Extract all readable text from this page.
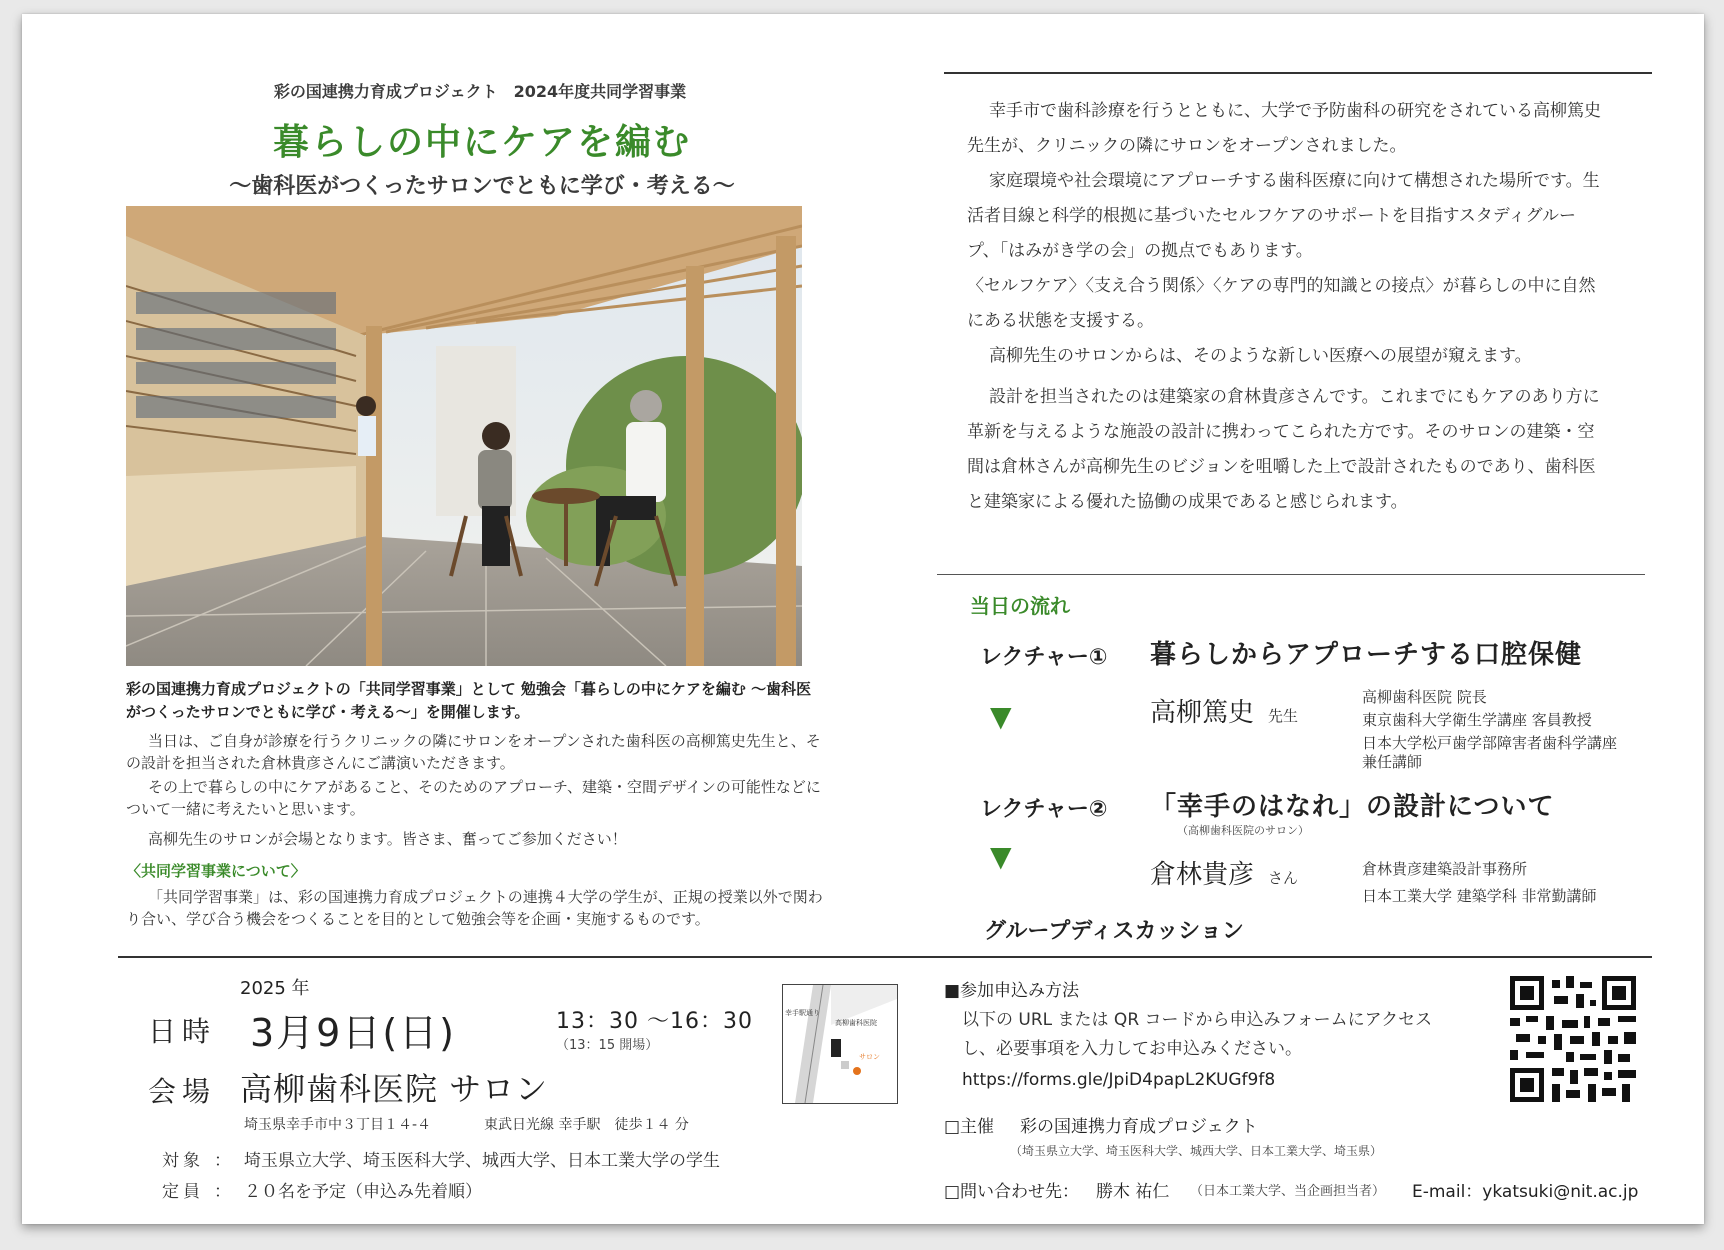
彩の国連携力育成プロジェクト　2024年度共同学習事業
暮らしの中にケアを編む
～歯科医がつくったサロンでともに学び・考える～
彩の国連携力育成プロジェクトの「共同学習事業」として 勉強会「暮らしの中にケアを編む ～歯科医がつくったサロンでともに学び・考える～」を開催します。
当日は、ご自身が診療を行うクリニックの隣にサロンをオープンされた歯科医の高柳篤史先生と、その設計を担当された倉林貴彦さんにご講演いただきます。
その上で暮らしの中にケアがあること、そのためのアプローチ、建築・空間デザインの可能性などについて一緒に考えたいと思います。
高柳先生のサロンが会場となります。皆さま、奮ってご参加ください！
〈共同学習事業について〉
「共同学習事業」は、彩の国連携力育成プロジェクトの連携４大学の学生が、正規の授業以外で関わり合い、学び合う機会をつくることを目的として勉強会等を企画・実施するものです。

幸手市で歯科診療を行うとともに、大学で予防歯科の研究をされている高柳篤史先生が、クリニックの隣にサロンをオープンされました。

家庭環境や社会環境にアプローチする歯科医療に向けて構想された場所です。生活者目線と科学的根拠に基づいたセルフケアのサポートを目指すスタディグループ、「はみがき学の会」の拠点でもあります。

〈セルフケア〉〈支え合う関係〉〈ケアの専門的知識との接点〉が暮らしの中に自然にある状態を支援する。

高柳先生のサロンからは、そのような新しい医療への展望が窺えます。

設計を担当されたのは建築家の倉林貴彦さんです。これまでにもケアのあり方に革新を与えるような施設の設計に携わってこられた方です。そのサロンの建築・空間は倉林さんが高柳先生のビジョンを咀嚼した上で設計されたものであり、歯科医と建築家による優れた協働の成果であると感じられます。

当日の流れ
レクチャー① 暮らしからアプローチする口腔保健
▼	高柳篤史 先生
高柳歯科医院 院長
東京歯科大学衛生学講座 客員教授
日本大学松戸歯学部障害者歯科学講座
兼任講師
レクチャー② 「幸手のはなれ」の設計について
（高柳歯科医院のサロン）
▼
倉林貴彦 さん	倉林貴彦建築設計事務所
日本工業大学 建築学科 非常勤講師
グループディスカッション
2025 年
日時 3月9日(日)	13：30 ～16：30
（13：15 開場）
会場 高柳歯科医院 サロン
埼玉県幸手市中３丁目１４-４	東武日光線 幸手駅　徒歩１４ 分
対象 ： 埼玉県立大学、埼玉医科大学、城西大学、日本工業大学の学生
定員 ： ２０名を予定（申込み先着順）
幸手駅通り
高柳歯科医院
サロン
■参加申込み方法
以下の URL または QR コードから申込みフォームにアクセスし、必要事項を入力してお申込みください。
https://forms.gle/JpiD4papL2KUGf9f8
□主催 彩の国連携力育成プロジェクト
（埼玉県立大学、埼玉医科大学、城西大学、日本工業大学、埼玉県）
□問い合わせ先： 勝木 祐仁 （日本工業大学、当企画担当者） E-mail：ykatsuki@nit.ac.jp
